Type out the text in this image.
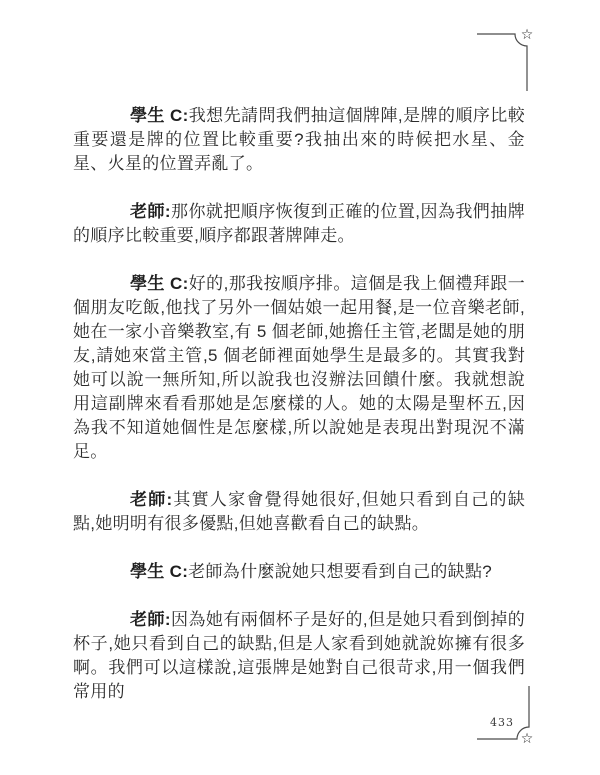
☆

學生 C:我想先請問我們抽這個牌陣,是牌的順序比較重要還是牌的位置比較重要?我抽出來的時候把水星、金星、火星的位置弄亂了。

老師:那你就把順序恢復到正確的位置,因為我們抽牌的順序比較重要,順序都跟著牌陣走。

學生 C:好的,那我按順序排。這個是我上個禮拜跟一個朋友吃飯,他找了另外一個姑娘一起用餐,是一位音樂老師,她在一家小音樂教室,有 5 個老師,她擔任主管,老闆是她的朋友,請她來當主管,5 個老師裡面她學生是最多的。其實我對她可以說一無所知,所以說我也沒辦法回饋什麼。我就想說用這副牌來看看那她是怎麼樣的人。她的太陽是聖杯五,因為我不知道她個性是怎麼樣,所以說她是表現出對現況不滿足。

老師:其實人家會覺得她很好,但她只看到自己的缺點,她明明有很多優點,但她喜歡看自己的缺點。

學生 C:老師為什麼說她只想要看到自己的缺點?

老師:因為她有兩個杯子是好的,但是她只看到倒掉的杯子,她只看到自己的缺點,但是人家看到她就說妳擁有很多啊。我們可以這樣說,這張牌是她對自己很苛求,用一個我們常用的

☆
433
